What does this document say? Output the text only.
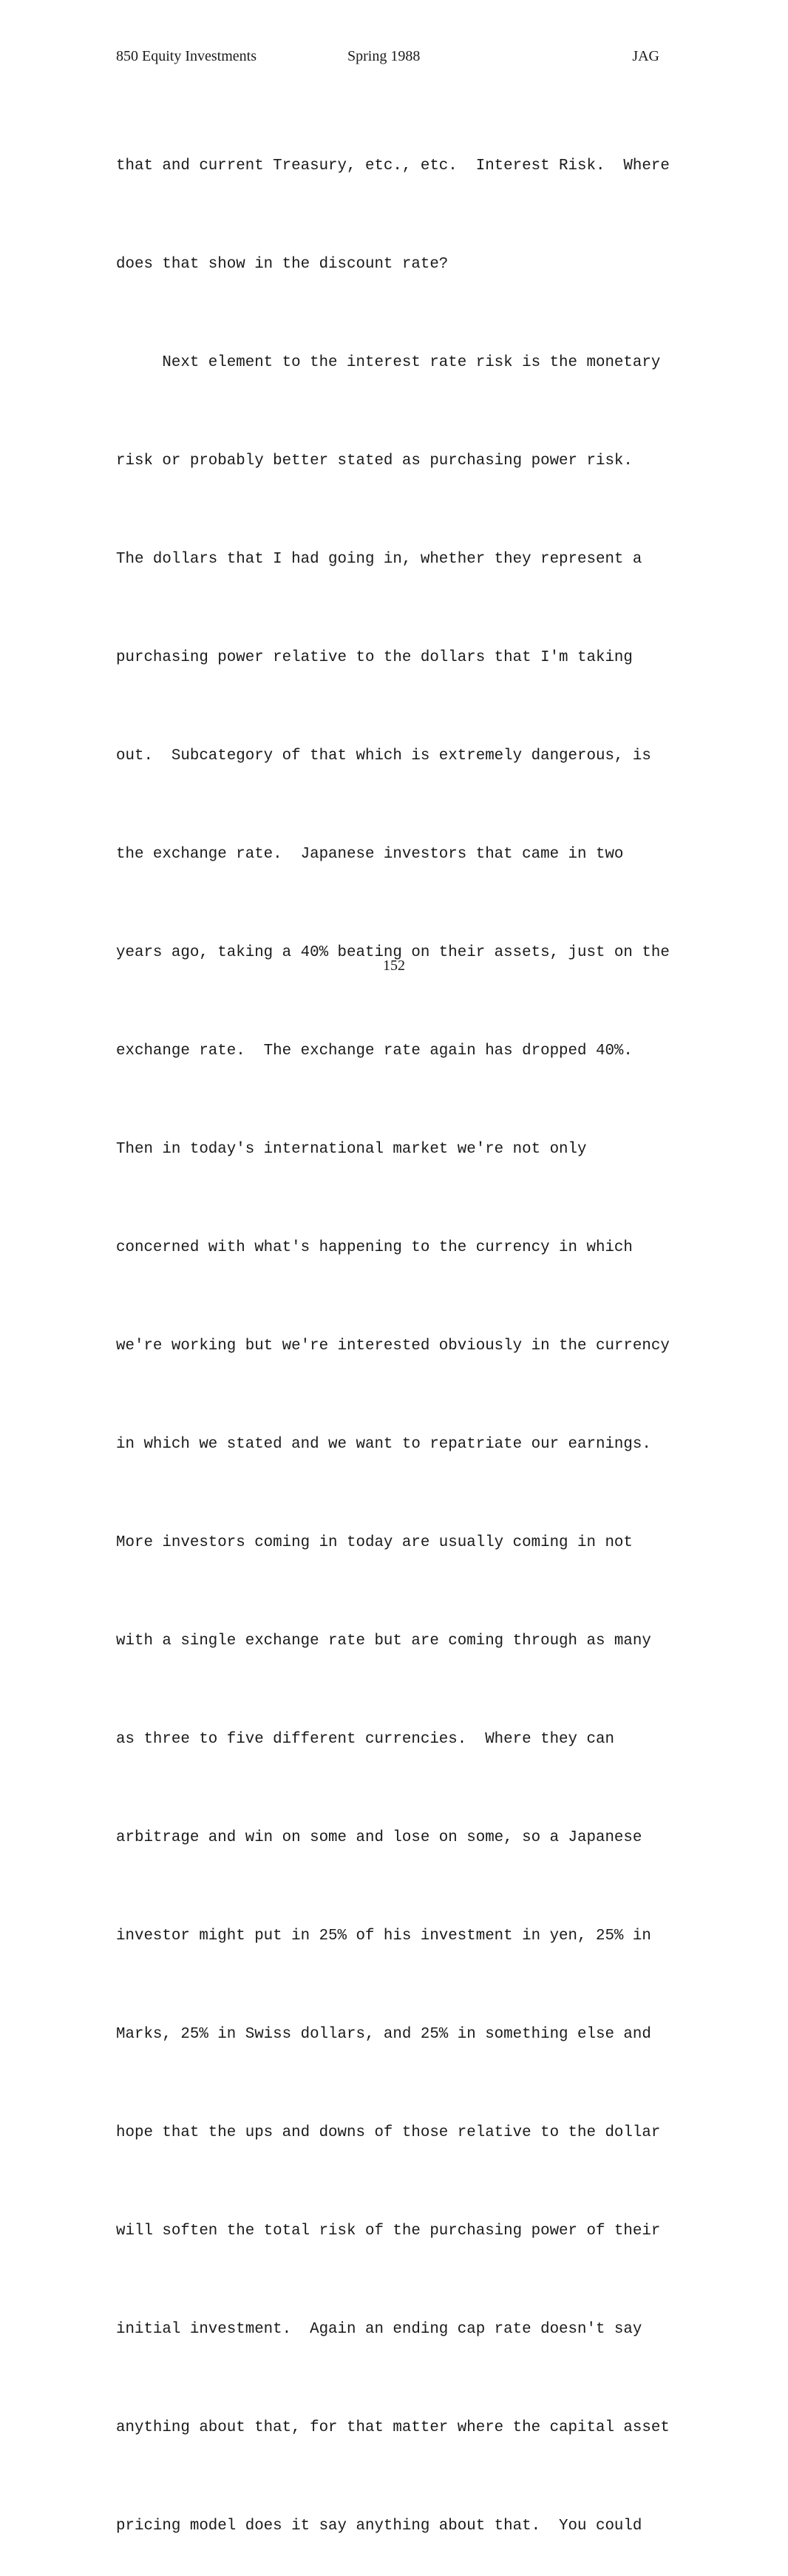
850 Equity Investments	Spring 1988	JAG

that and current Treasury, etc., etc.  Interest Risk.  Where

does that show in the discount rate?

Next element to the interest rate risk is the monetary

risk or probably better stated as purchasing power risk.

The dollars that I had going in, whether they represent a

purchasing power relative to the dollars that I'm taking

out.  Subcategory of that which is extremely dangerous, is

the exchange rate.  Japanese investors that came in two

years ago, taking a 40% beating on their assets, just on the

exchange rate.  The exchange rate again has dropped 40%.

Then in today's international market we're not only

concerned with what's happening to the currency in which

we're working but we're interested obviously in the currency

in which we stated and we want to repatriate our earnings.

More investors coming in today are usually coming in not

with a single exchange rate but are coming through as many

as three to five different currencies.  Where they can

arbitrage and win on some and lose on some, so a Japanese

investor might put in 25% of his investment in yen, 25% in

Marks, 25% in Swiss dollars, and 25% in something else and

hope that the ups and downs of those relative to the dollar

will soften the total risk of the purchasing power of their

initial investment.  Again an ending cap rate doesn't say

anything about that, for that matter where the capital asset

pricing model does it say anything about that.  You could

152
